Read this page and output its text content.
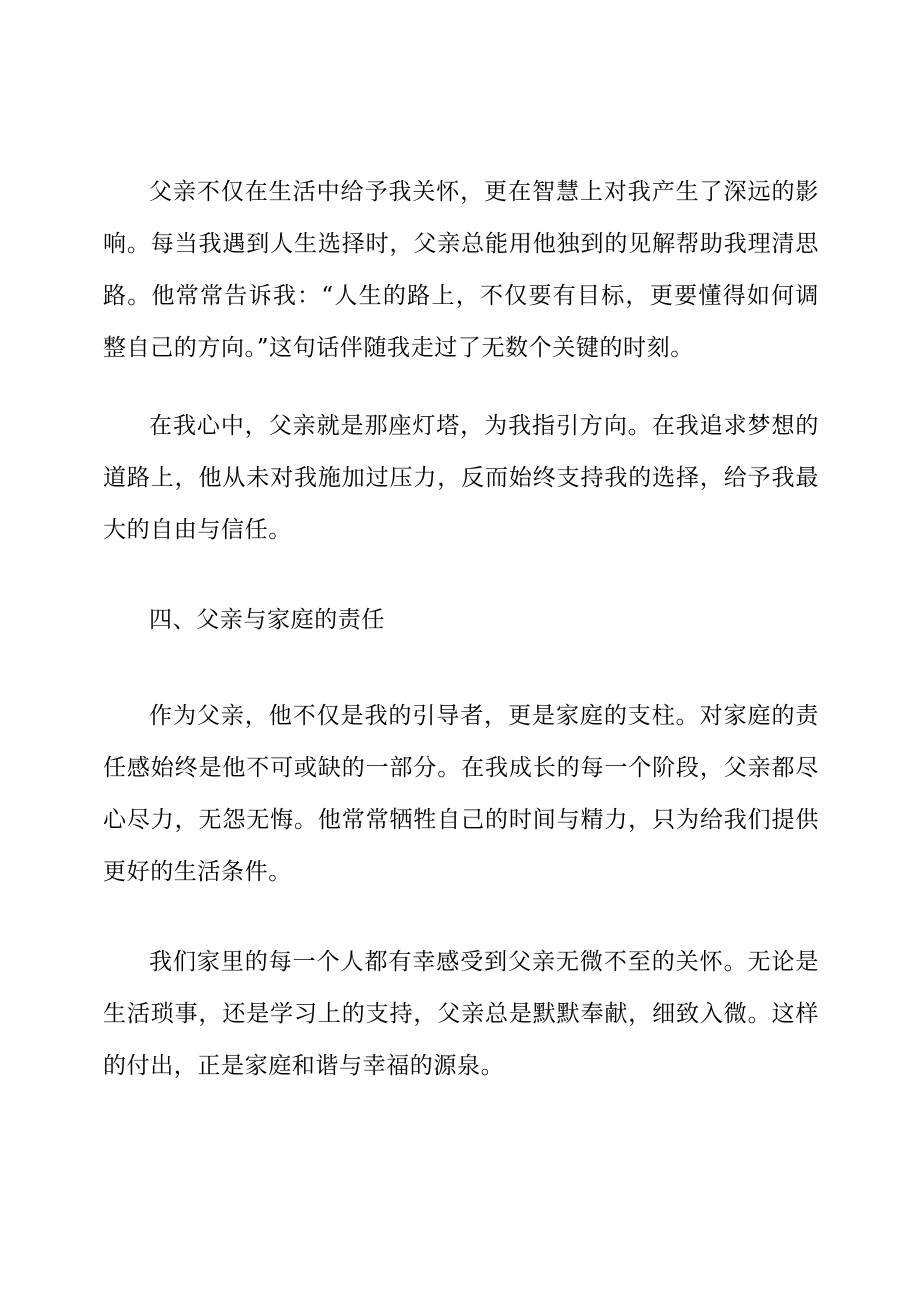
父亲不仅在生活中给予我关怀，更在智慧上对我产生了深远的影响。每当我遇到人生选择时，父亲总能用他独到的见解帮助我理清思路。他常常告诉我：“人生的路上，不仅要有目标，更要懂得如何调整自己的方向。”这句话伴随我走过了无数个关键的时刻。

在我心中，父亲就是那座灯塔，为我指引方向。在我追求梦想的道路上，他从未对我施加过压力，反而始终支持我的选择，给予我最大的自由与信任。

四、父亲与家庭的责任

作为父亲，他不仅是我的引导者，更是家庭的支柱。对家庭的责任感始终是他不可或缺的一部分。在我成长的每一个阶段，父亲都尽心尽力，无怨无悔。他常常牺牲自己的时间与精力，只为给我们提供更好的生活条件。

我们家里的每一个人都有幸感受到父亲无微不至的关怀。无论是生活琐事，还是学习上的支持，父亲总是默默奉献，细致入微。这样的付出，正是家庭和谐与幸福的源泉。
